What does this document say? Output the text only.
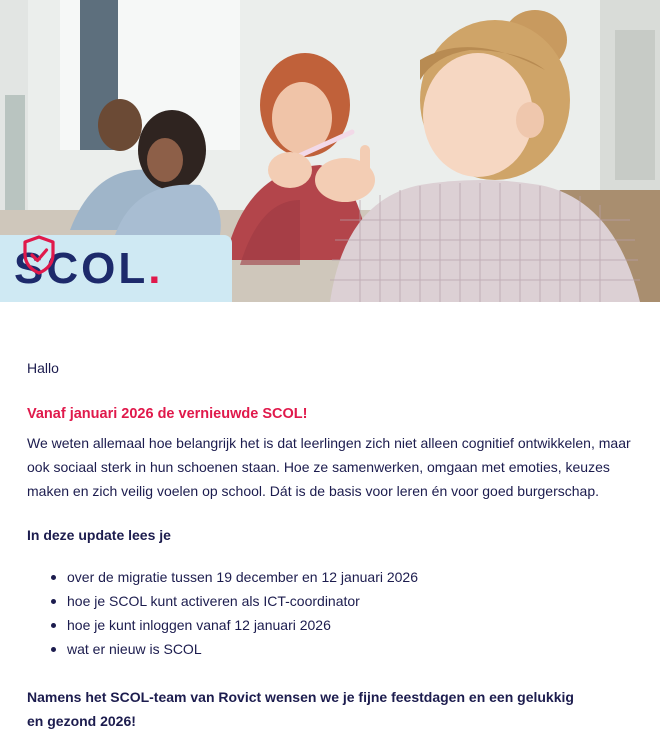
SCOL.
Hallo
Vanaf januari 2026 de vernieuwde SCOL!
We weten allemaal hoe belangrijk het is dat leerlingen zich niet alleen cognitief ontwikkelen, maar ook sociaal sterk in hun schoenen staan. Hoe ze samenwerken, omgaan met emoties, keuzes maken en zich veilig voelen op school. Dát is de basis voor leren én voor goed burgerschap.
In deze update lees je
over de migratie tussen 19 december en 12 januari 2026
hoe je SCOL kunt activeren als ICT-coordinator
hoe je kunt inloggen vanaf 12 januari 2026
wat er nieuw is SCOL
Namens het SCOL-team van Rovict wensen we je fijne feestdagen en een gelukkig en gezond 2026!
